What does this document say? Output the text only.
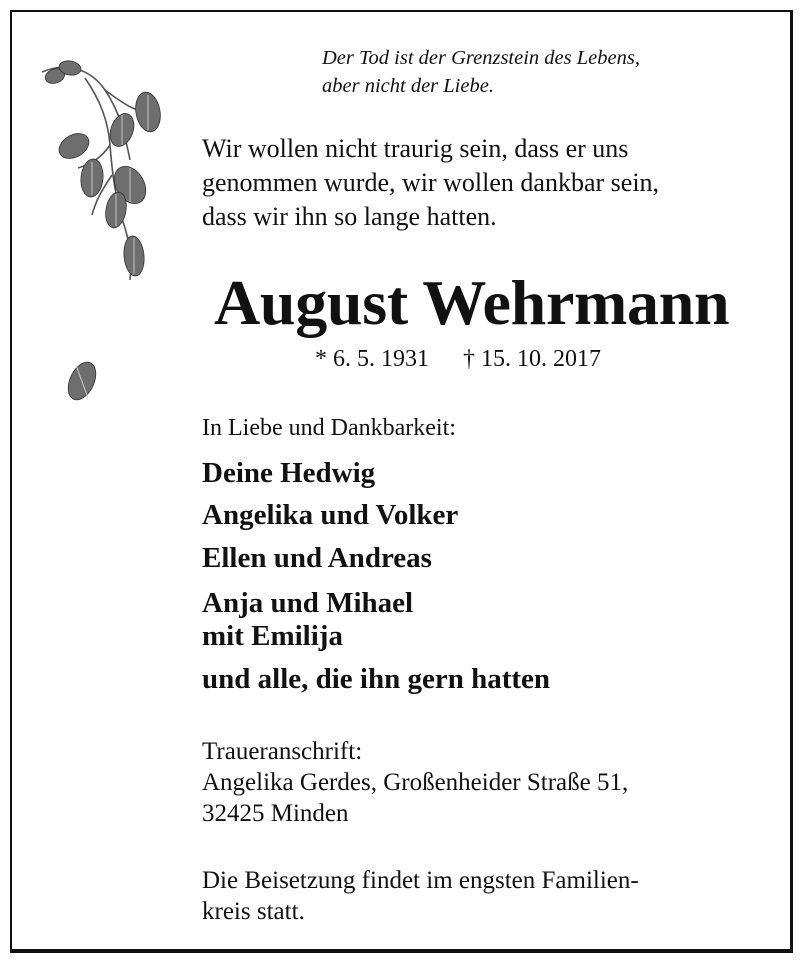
Der Tod ist der Grenzstein des Lebens,
aber nicht der Liebe.
Wir wollen nicht traurig sein, dass er uns
genommen wurde, wir wollen dankbar sein,
dass wir ihn so lange hatten.
August Wehrmann
* 6. 5. 1931 † 15. 10. 2017
In Liebe und Dankbarkeit:
Deine Hedwig
Angelika und Volker
Ellen und Andreas
Anja und Mihael
mit Emilija
und alle, die ihn gern hatten
Traueranschrift:
Angelika Gerdes, Großenheider Straße 51,
32425 Minden
Die Beisetzung findet im engsten Familien-
kreis statt.
